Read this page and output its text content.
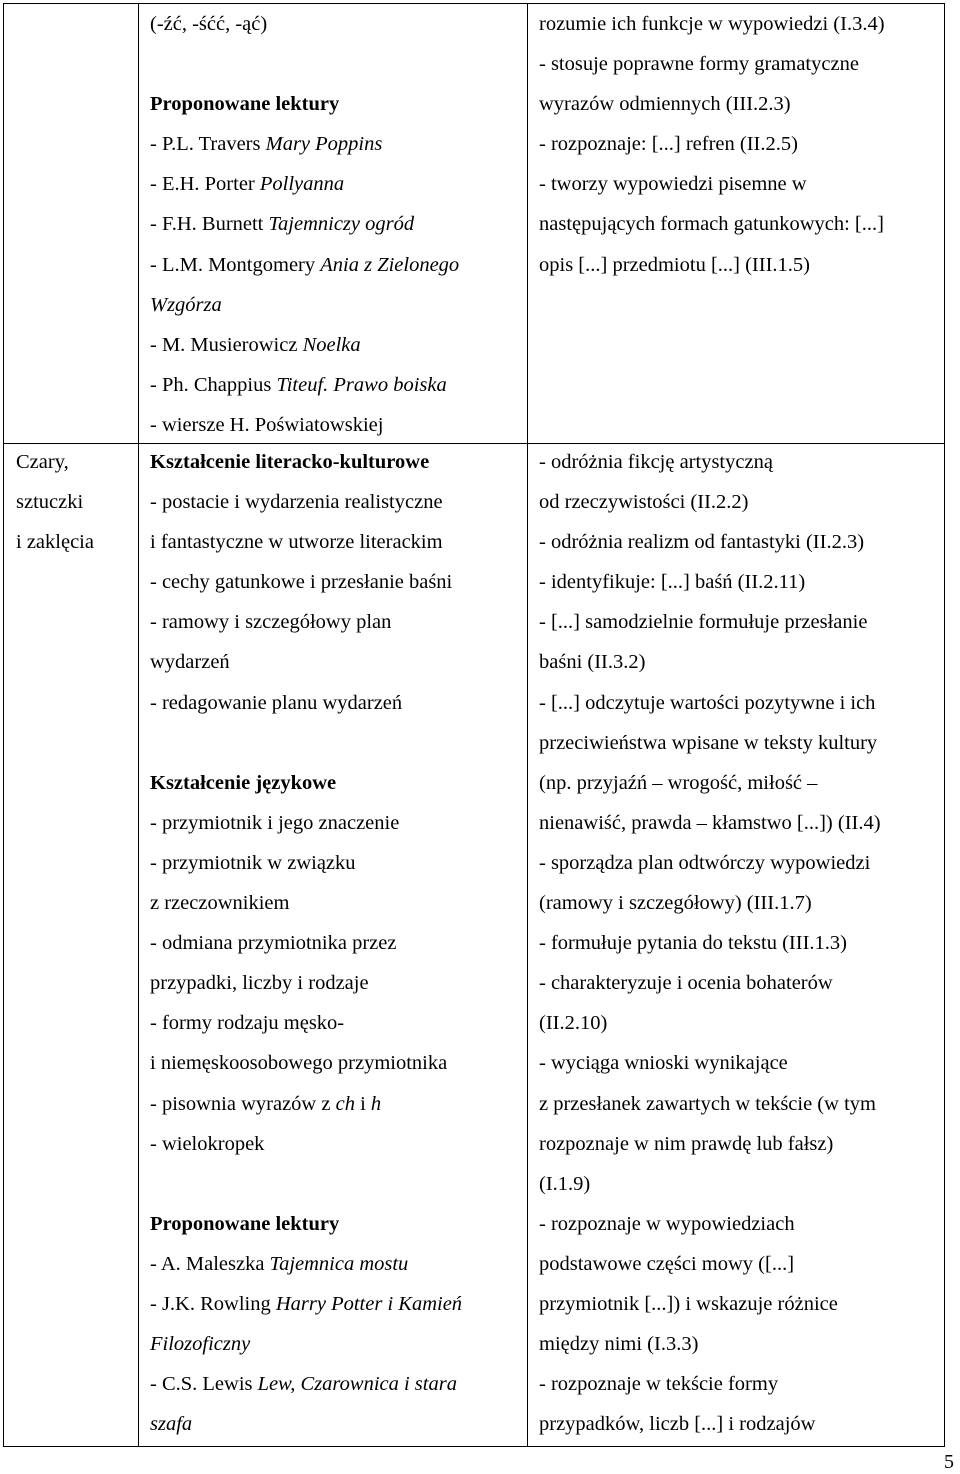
(-źć, -śćć, -ąć)
Proponowane lektury
- P.L. Travers Mary Poppins
- E.H. Porter Pollyanna
- F.H. Burnett Tajemniczy ogród
- L.M. Montgomery Ania z Zielonego
Wzgórza
- M. Musierowicz Noelka
- Ph. Chappius Titeuf. Prawo boiska
- wiersze H. Poświatowskiej
rozumie ich funkcje w wypowiedzi (I.3.4)
- stosuje poprawne formy gramatyczne
wyrazów odmiennych (III.2.3)
- rozpoznaje: [...] refren (II.2.5)
- tworzy wypowiedzi pisemne w
następujących formach gatunkowych: [...]
opis [...] przedmiotu [...] (III.1.5)
Czary,
sztuczki
i zaklęcia
Kształcenie literacko-kulturowe
- postacie i wydarzenia realistyczne
i fantastyczne w utworze literackim
- cechy gatunkowe i przesłanie baśni
- ramowy i szczegółowy plan
wydarzeń
- redagowanie planu wydarzeń
Kształcenie językowe
- przymiotnik i jego znaczenie
- przymiotnik w związku
z rzeczownikiem
- odmiana przymiotnika przez
przypadki, liczby i rodzaje
- formy rodzaju męsko-
i niemęskoosobowego przymiotnika
- pisownia wyrazów z ch i h
- wielokropek
Proponowane lektury
- A. Maleszka Tajemnica mostu
- J.K. Rowling Harry Potter i Kamień
Filozoficzny
- C.S. Lewis Lew, Czarownica i stara
szafa
- odróżnia fikcję artystyczną
od rzeczywistości (II.2.2)
- odróżnia realizm od fantastyki (II.2.3)
- identyfikuje: [...] baśń (II.2.11)
- [...] samodzielnie formułuje przesłanie
baśni (II.3.2)
- [...] odczytuje wartości pozytywne i ich
przeciwieństwa wpisane w teksty kultury
(np. przyjaźń – wrogość, miłość –
nienawiść, prawda – kłamstwo [...]) (II.4)
- sporządza plan odtwórczy wypowiedzi
(ramowy i szczegółowy) (III.1.7)
- formułuje pytania do tekstu (III.1.3)
- charakteryzuje i ocenia bohaterów
(II.2.10)
- wyciąga wnioski wynikające
z przesłanek zawartych w tekście (w tym
rozpoznaje w nim prawdę lub fałsz)
(I.1.9)
- rozpoznaje w wypowiedziach
podstawowe części mowy ([...]
przymiotnik [...]) i wskazuje różnice
między nimi (I.3.3)
- rozpoznaje w tekście formy
przypadków, liczb [...] i rodzajów
5
